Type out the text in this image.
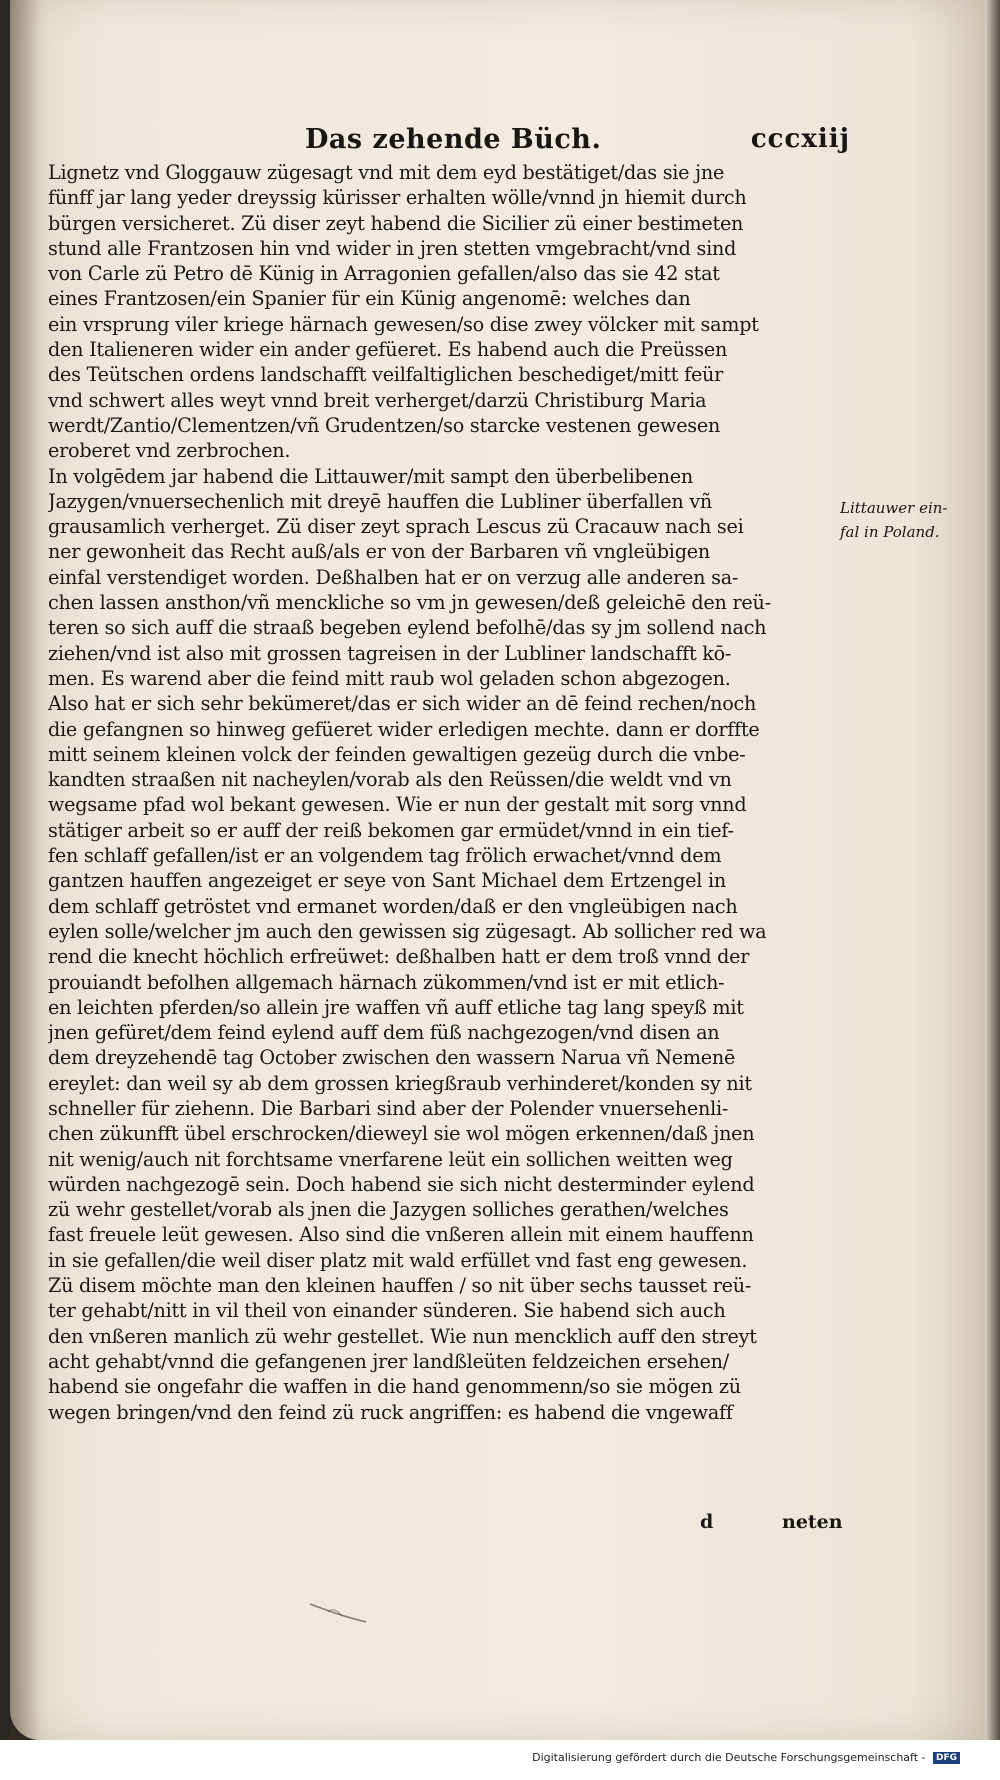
Das zehende Büch.	cccxiij
Lignetz vnd Gloggauw zügesagt vnd mit dem eyd bestätiget/das sie jne
fünff jar lang yeder dreyssig kürisser erhalten wölle/vnnd jn hiemit durch
bürgen versicheret. Zü diser zeyt habend die Sicilier zü einer bestimeten
stund alle Frantzosen hin vnd wider in jren stetten vmgebracht/vnd sind
von Carle zü Petro dē Künig in Arragonien gefallen/also das sie 42 stat
eines Frantzosen/ein Spanier für ein Künig angenomē: welches dan
ein vrsprung viler kriege härnach gewesen/so dise zwey völcker mit sampt
den Italieneren wider ein ander gefüeret. Es habend auch die Preüssen
des Teütschen ordens landschafft veilfaltiglichen beschediget/mitt feür
vnd schwert alles weyt vnnd breit verherget/darzü Christiburg Maria
werdt/Zantio/Clementzen/vñ Grudentzen/so starcke vestenen gewesen
eroberet vnd zerbrochen.
In volgēdem jar habend die Littauwer/mit sampt den überbelibenen
Jazygen/vnuersechenlich mit dreyē hauffen die Lubliner überfallen vñ
grausamlich verherget. Zü diser zeyt sprach Lescus zü Cracauw nach sei
ner gewonheit das Recht auß/als er von der Barbaren vñ vngleübigen
einfal verstendiget worden. Deßhalben hat er on verzug alle anderen sa-
chen lassen ansthon/vñ menckliche so vm jn gewesen/deß geleichē den reü-
teren so sich auff die straaß begeben eylend befolhē/das sy jm sollend nach
ziehen/vnd ist also mit grossen tagreisen in der Lubliner landschafft kō-
men. Es warend aber die feind mitt raub wol geladen schon abgezogen.
Also hat er sich sehr bekümeret/das er sich wider an dē feind rechen/noch
die gefangnen so hinweg gefüeret wider erledigen mechte. dann er dorffte
mitt seinem kleinen volck der feinden gewaltigen gezeüg durch die vnbe-
kandten straaßen nit nacheylen/vorab als den Reüssen/die weldt vnd vn
wegsame pfad wol bekant gewesen. Wie er nun der gestalt mit sorg vnnd
stätiger arbeit so er auff der reiß bekomen gar ermüdet/vnnd in ein tief-
fen schlaff gefallen/ist er an volgendem tag frölich erwachet/vnnd dem
gantzen hauffen angezeiget er seye von Sant Michael dem Ertzengel in
dem schlaff getröstet vnd ermanet worden/daß er den vngleübigen nach
eylen solle/welcher jm auch den gewissen sig zügesagt. Ab sollicher red wa
rend die knecht höchlich erfreüwet: deßhalben hatt er dem troß vnnd der
prouiandt befolhen allgemach härnach zükommen/vnd ist er mit etlich-
en leichten pferden/so allein jre waffen vñ auff etliche tag lang speyß mit
jnen gefüret/dem feind eylend auff dem füß nachgezogen/vnd disen an
dem dreyzehendē tag October zwischen den wassern Narua vñ Nemenē
ereylet: dan weil sy ab dem grossen kriegßraub verhinderet/konden sy nit
schneller für ziehenn. Die Barbari sind aber der Polender vnuersehenli-
chen zükunfft übel erschrocken/dieweyl sie wol mögen erkennen/daß jnen
nit wenig/auch nit forchtsame vnerfarene leüt ein sollichen weitten weg
würden nachgezogē sein. Doch habend sie sich nicht desterminder eylend
zü wehr gestellet/vorab als jnen die Jazygen solliches gerathen/welches
fast freuele leüt gewesen. Also sind die vnßeren allein mit einem hauffenn
in sie gefallen/die weil diser platz mit wald erfüllet vnd fast eng gewesen.
Zü disem möchte man den kleinen hauffen / so nit über sechs tausset reü-
ter gehabt/nitt in vil theil von einander sünderen. Sie habend sich auch
den vnßeren manlich zü wehr gestellet. Wie nun mencklich auff den streyt
acht gehabt/vnnd die gefangenen jrer landßleüten feldzeichen ersehen/
habend sie ongefahr die waffen in die hand genommenn/so sie mögen zü
wegen bringen/vnd den feind zü ruck angriffen: es habend die vngewaff
Littauwer ein-
fal in Poland.
d	neten
Digitalisierung gefördert durch die Deutsche Forschungsgemeinschaft - DFG
